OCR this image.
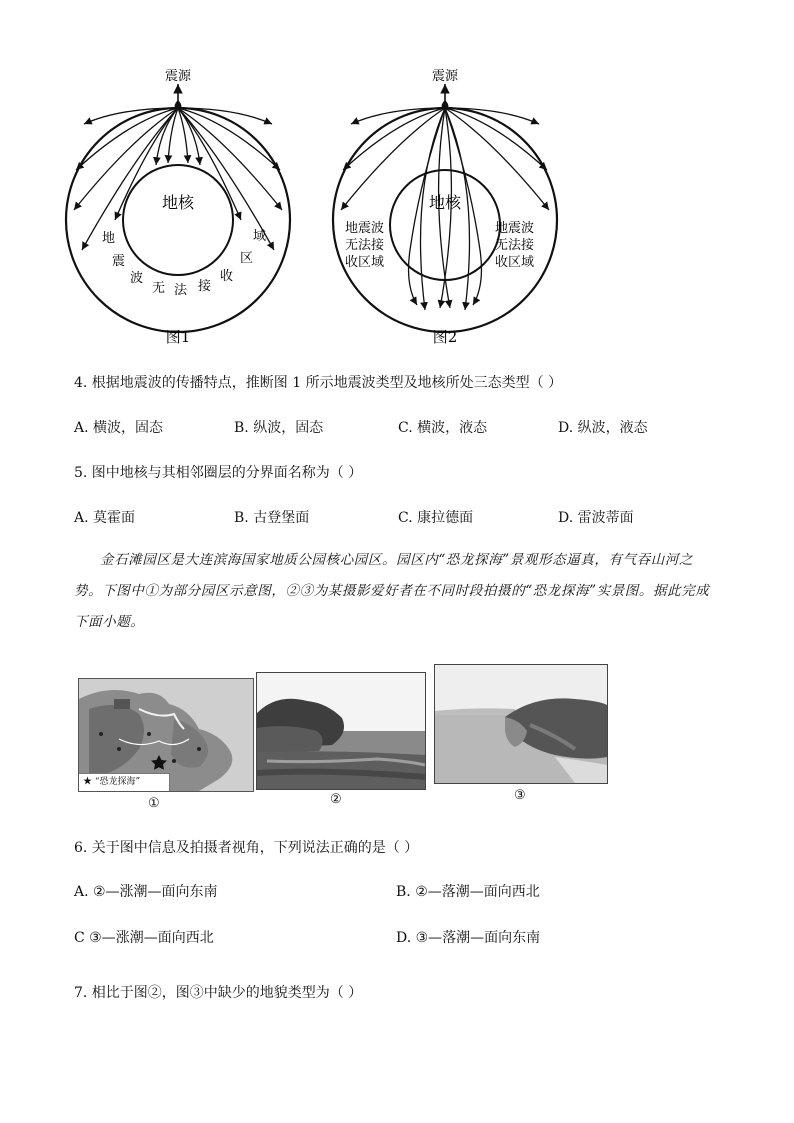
震源
地核
地
震
波
无 法 接
收
区
域
图1
震源
地核
地震波
无法接
收区域
地震波
无法接
收区域
图2
4. 根据地震波的传播特点，推断图 1 所示地震波类型及地核所处三态类型（ ）
A. 横波，固态	B. 纵波，固态	C. 横波，液态	D. 纵波，液态
5. 图中地核与其相邻圈层的分界面名称为（ ）
A. 莫霍面	B. 古登堡面	C. 康拉德面	D. 雷波蒂面
金石滩园区是大连滨海国家地质公园核心园区。园区内“恐龙探海”景观形态逼真，有气吞山河之
势。下图中①为部分园区示意图，②③为某摄影爱好者在不同时段拍摄的“恐龙探海”实景图。据此完成
下面小题。
★ “恐龙探海”
①	②	③
6. 关于图中信息及拍摄者视角，下列说法正确的是（ ）
A. ②—涨潮—面向东南	B. ②—落潮—面向西北
C ③—涨潮—面向西北	D. ③—落潮—面向东南
7. 相比于图②，图③中缺少的地貌类型为（ ）
